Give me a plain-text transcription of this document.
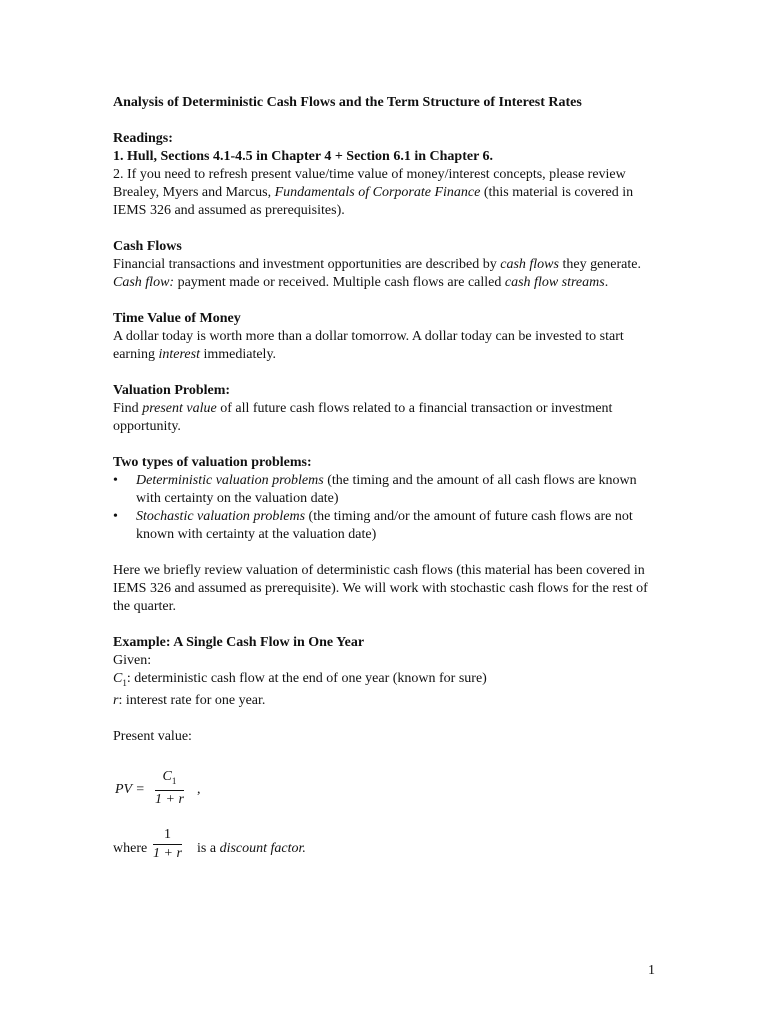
Analysis of Deterministic Cash Flows and the Term Structure of Interest Rates

Readings:

1. Hull, Sections 4.1-4.5 in Chapter 4 + Section 6.1 in Chapter 6.

2. If you need to refresh present value/time value of money/interest concepts, please review Brealey, Myers and Marcus, Fundamentals of Corporate Finance (this material is covered in IEMS 326 and assumed as prerequisites).

Cash Flows

Financial transactions and investment opportunities are described by cash flows they generate. Cash flow: payment made or received. Multiple cash flows are called cash flow streams.

Time Value of Money

A dollar today is worth more than a dollar tomorrow. A dollar today can be invested to start earning interest immediately.

Valuation Problem:

Find present value of all future cash flows related to a financial transaction or investment opportunity.

Two types of valuation problems:

• Deterministic valuation problems (the timing and the amount of all cash flows are known with certainty on the valuation date)
• Stochastic valuation problems (the timing and/or the amount of future cash flows are not known with certainty at the valuation date)

Here we briefly review valuation of deterministic cash flows (this material has been covered in IEMS 326 and assumed as prerequisite). We will work with stochastic cash flows for the rest of the quarter.

Example: A Single Cash Flow in One Year

Given:

$C_1$: deterministic cash flow at the end of one year (known for sure)

r: interest rate for one year.

Present value:

PV = $\frac{C_1}{1 + r}$ ,
where $\frac{1}{1 + r}$ is a discount factor.

1
